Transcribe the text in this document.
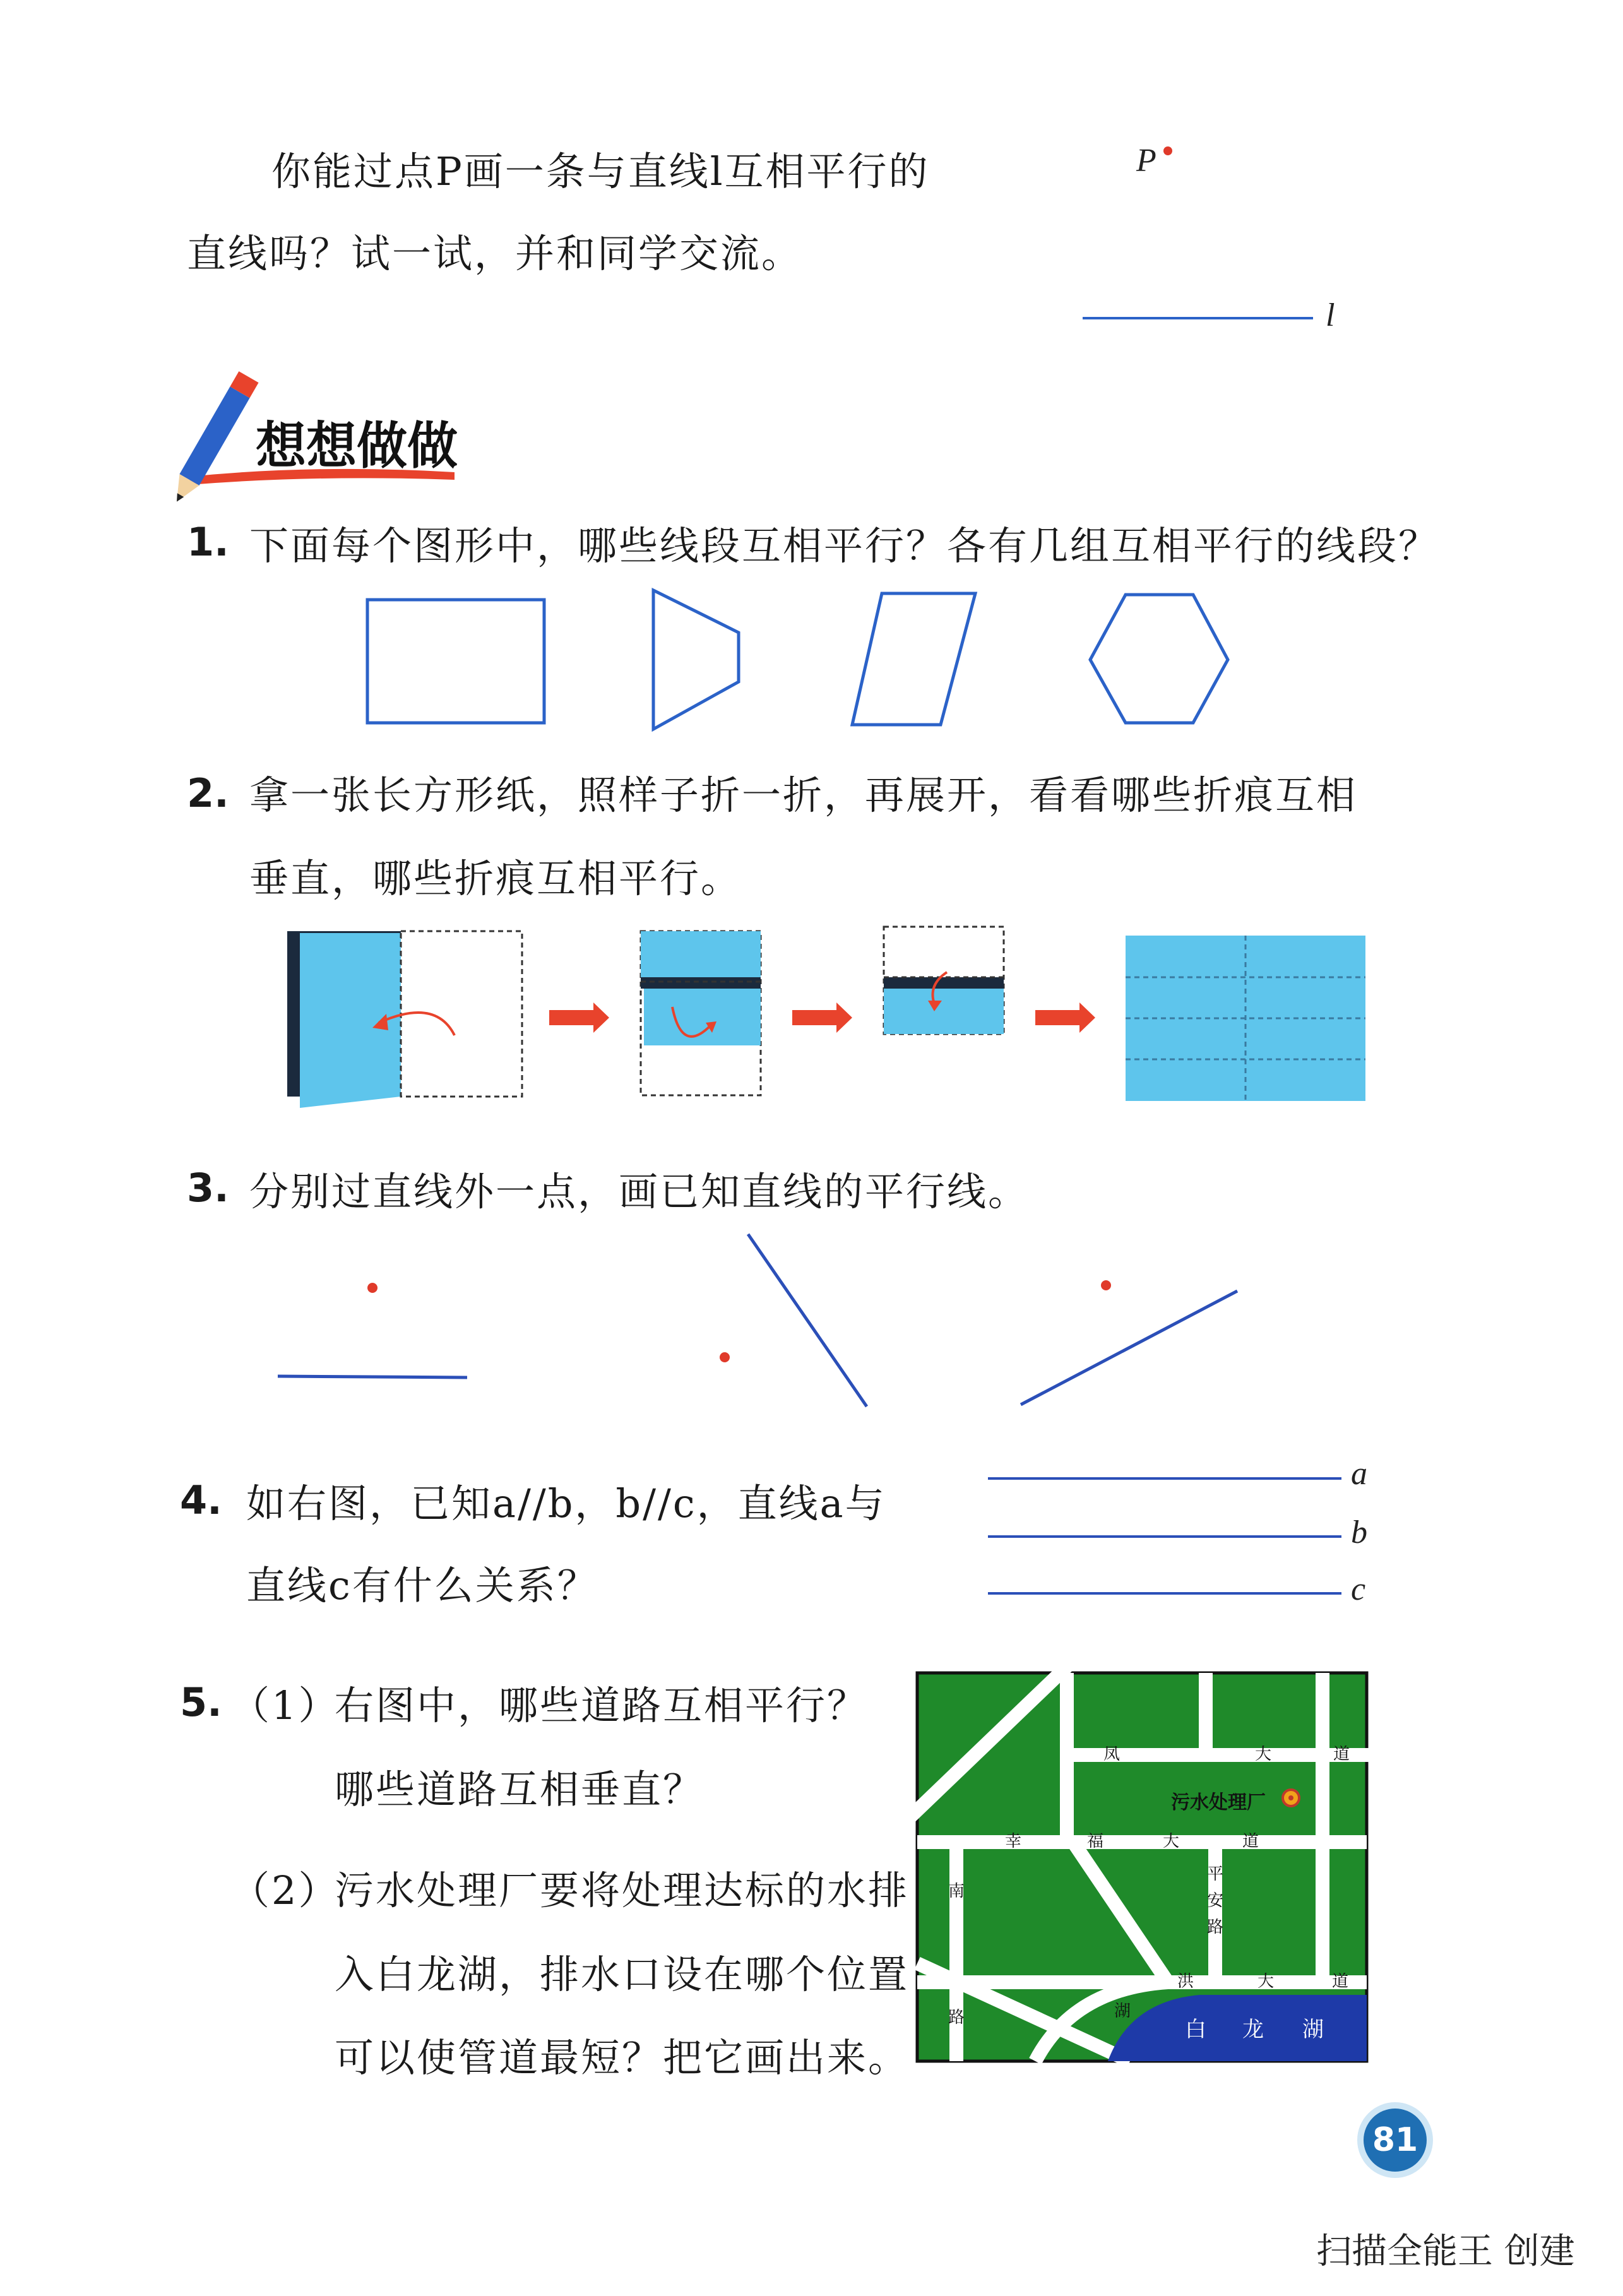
你能过点P画一条与直线l互相平行的
直线吗？试一试，并和同学交流。
P
l
想想做做
1. 下面每个图形中，哪些线段互相平行？各有几组互相平行的线段？
2. 拿一张长方形纸，照样子折一折，再展开，看看哪些折痕互相
垂直，哪些折痕互相平行。
3. 分别过直线外一点，画已知直线的平行线。
4. 如右图，已知a//b，b//c，直线a与
直线c有什么关系？
a
b
c
5. （1）
右图中，哪些道路互相平行？
哪些道路互相垂直？
（2）
污水处理厂要将处理达标的水排
入白龙湖，排水口设在哪个位置
可以使管道最短？把它画出来。
污水处理厂
白 龙 湖
凤	大	道
幸	福	大	道
平
安
路
大	道
南
路
洪
湖
81
扫描全能王 创建
